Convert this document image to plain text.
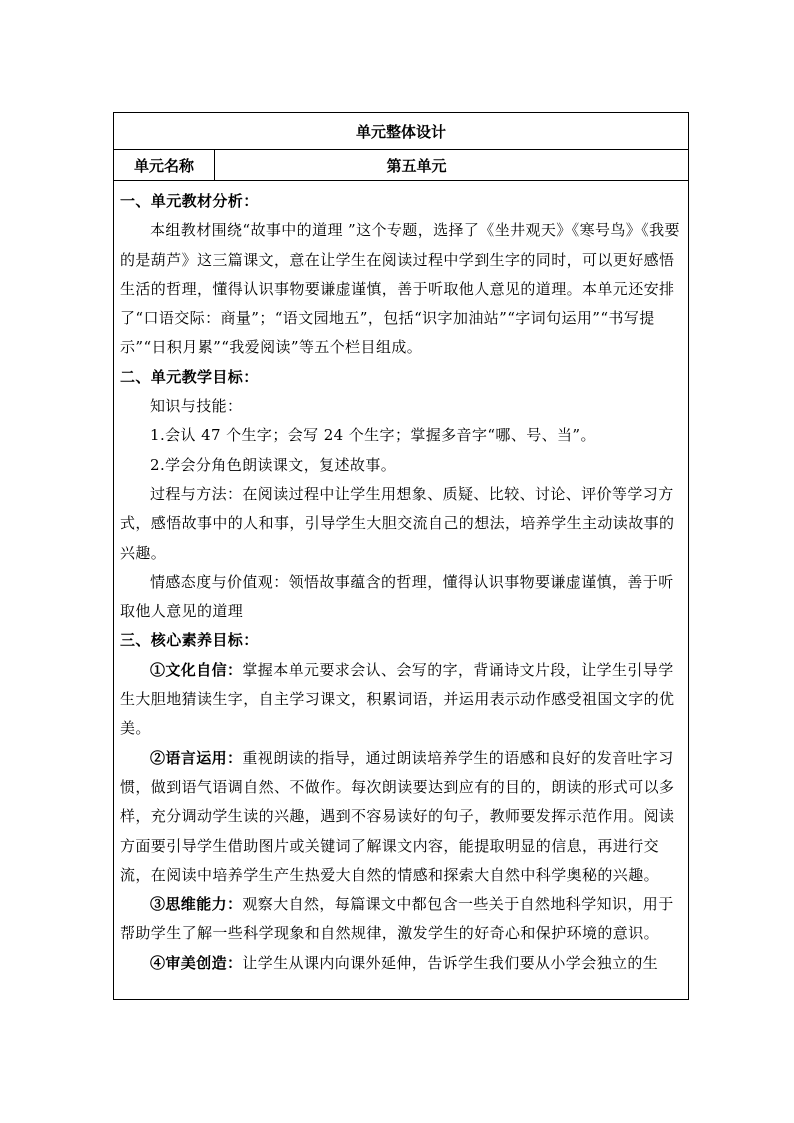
单元整体设计
单元名称	第五单元

一、单元教材分析：

本组教材围绕“故事中的道理 ”这个专题，选择了《坐井观天》《寒号鸟》《我要的是葫芦》这三篇课文，意在让学生在阅读过程中学到生字的同时，可以更好感悟生活的哲理，懂得认识事物要谦虚谨慎，善于听取他人意见的道理。本单元还安排了“口语交际：商量”；“语文园地五”，包括“识字加油站”“字词句运用”“书写提示”“日积月累”“我爱阅读”等五个栏目组成。

二、单元教学目标：

知识与技能：

1.会认 47 个生字；会写 24 个生字；掌握多音字“哪、号、当”。

2.学会分角色朗读课文，复述故事。

过程与方法：在阅读过程中让学生用想象、质疑、比较、讨论、评价等学习方式，感悟故事中的人和事，引导学生大胆交流自己的想法，培养学生主动读故事的兴趣。

情感态度与价值观：领悟故事蕴含的哲理，懂得认识事物要谦虚谨慎，善于听取他人意见的道理

三、核心素养目标：

①文化自信：掌握本单元要求会认、会写的字，背诵诗文片段，让学生引导学生大胆地猜读生字，自主学习课文，积累词语，并运用表示动作感受祖国文字的优美。

②语言运用：重视朗读的指导，通过朗读培养学生的语感和良好的发音吐字习惯，做到语气语调自然、不做作。每次朗读要达到应有的目的，朗读的形式可以多样，充分调动学生读的兴趣，遇到不容易读好的句子，教师要发挥示范作用。阅读方面要引导学生借助图片或关键词了解课文内容，能提取明显的信息，再进行交流，在阅读中培养学生产生热爱大自然的情感和探索大自然中科学奥秘的兴趣。

③思维能力：观察大自然，每篇课文中都包含一些关于自然地科学知识，用于帮助学生了解一些科学现象和自然规律，激发学生的好奇心和保护环境的意识。

④审美创造：让学生从课内向课外延伸，告诉学生我们要从小学会独立的生
